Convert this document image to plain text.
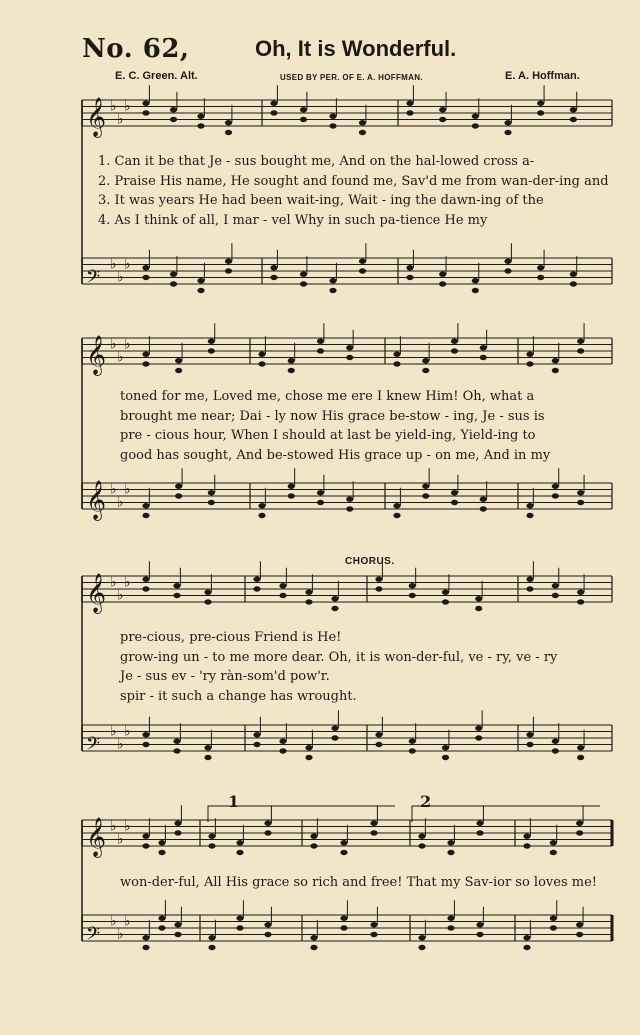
No. 62,	Oh, It is Wonderful.
E. C. Green. Alt.	USED BY PER. OF E. A. HOFFMAN.	E. A. Hoffman.
𝄞 ♭
♭
♭
𝄢
♭
♭
♭
𝄞 ♭
♭
♭
𝄞 ♭
♭
♭
𝄞 ♭
♭
♭
𝄢
♭
♭
♭
𝄞 ♭
♭
♭
𝄢
♭
♭
♭
1	2
CHORUS.
1. Can it be that Je - sus bought me, And on the hal-lowed cross a-
2. Praise His name, He sought and found me, Sav'd me from wan-der-ing and
3. It was years He had been wait-ing, Wait - ing the dawn-ing of the
4. As I think of all, I mar - vel Why in such pa-tience He my
toned for me, Loved me, chose me ere I knew Him! Oh, what a
brought me near; Dai - ly now His grace be-stow - ing, Je - sus is
pre - cious hour, When I should at last be yield-ing, Yield-ing to
good has sought, And be-stowed His grace up - on me, And in my
pre-cious, pre-cious Friend is He!
grow-ing un - to me more dear. Oh, it is won-der-ful, ve - ry, ve - ry
Je - sus ev - 'ry ràn-som'd pow'r.
spir - it such a change has wrought.
won-der-ful, All His grace so rich and free! That my Sav-ior so loves me!
